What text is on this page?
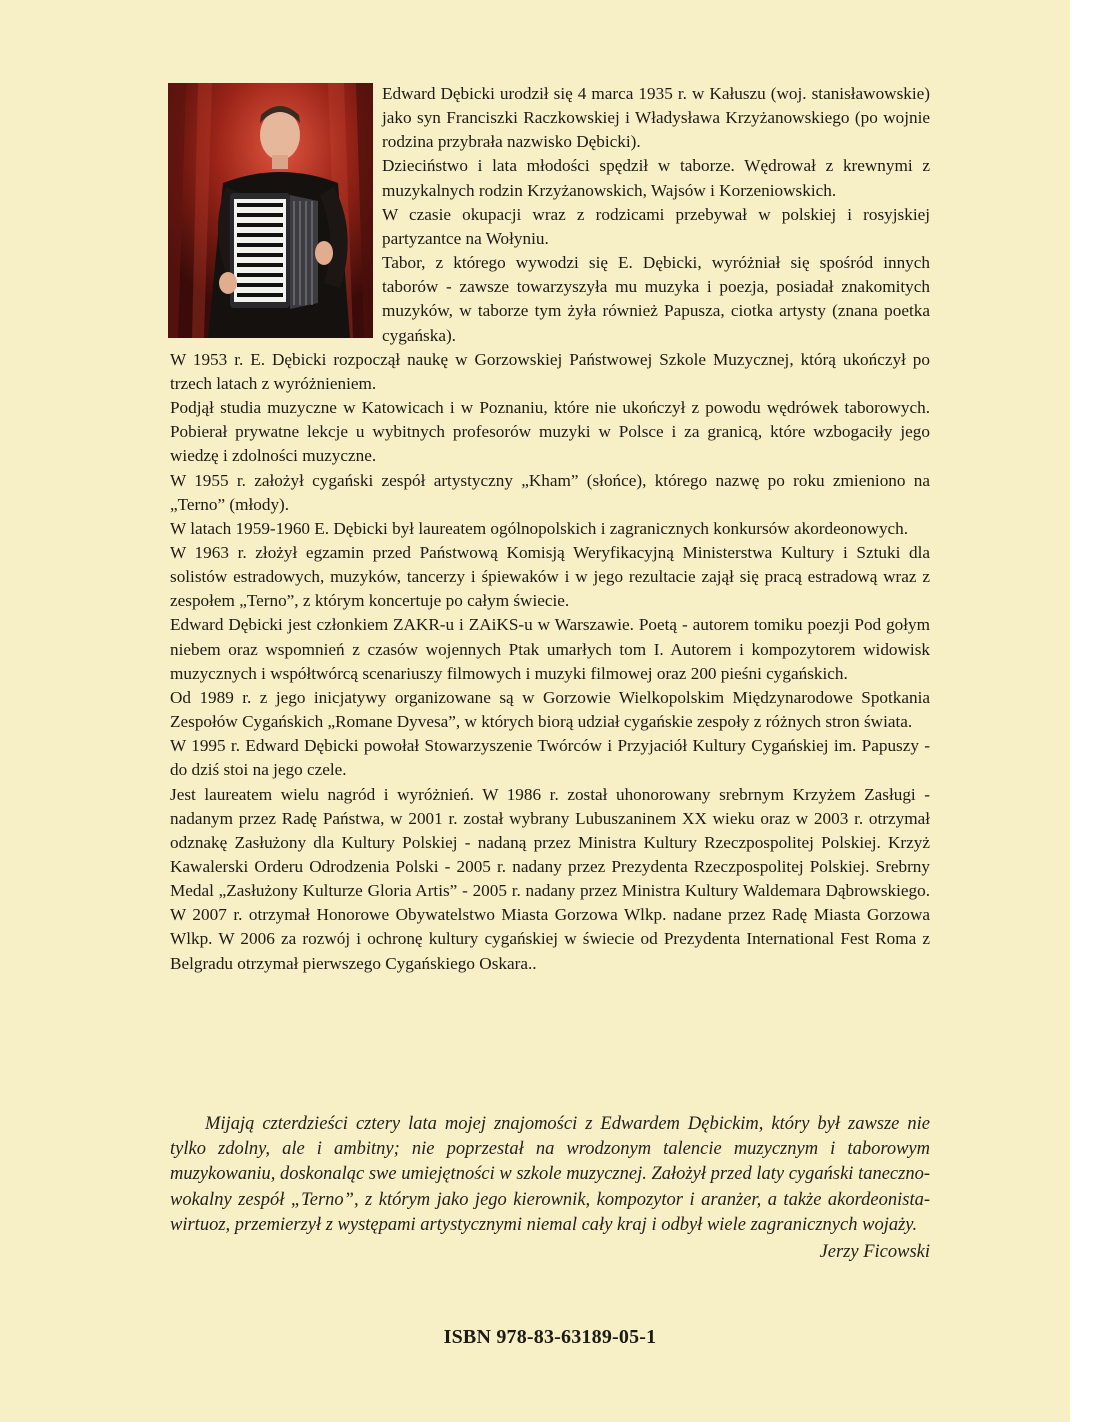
Edward Dębicki urodził się 4 marca 1935 r. w Kałuszu (woj. stanisławowskie) jako syn Franciszki Raczkowskiej i Władysława Krzyżanowskiego (po wojnie rodzina przybrała nazwisko Dębicki).

Dzieciństwo i lata młodości spędził w taborze. Wędrował z krewnymi z muzykalnych rodzin Krzyżanowskich, Wajsów i Korzeniowskich.

W czasie okupacji wraz z rodzicami przebywał w polskiej i rosyjskiej partyzantce na Wołyniu.

Tabor, z którego wywodzi się E. Dębicki, wyróżniał się spośród innych taborów - zawsze towarzyszyła mu muzyka i poezja, posiadał znakomitych muzyków, w taborze tym żyła również Papusza, ciotka artysty (znana poetka cygańska).

W 1953 r. E. Dębicki rozpoczął naukę w Gorzowskiej Państwowej Szkole Muzycznej, którą ukończył po trzech latach z wyróżnieniem.

Podjął studia muzyczne w Katowicach i w Poznaniu, które nie ukończył z powodu wędrówek taborowych. Pobierał prywatne lekcje u wybitnych profesorów muzyki w Polsce i za granicą, które wzbogaciły jego wiedzę i zdolności muzyczne.

W 1955 r. założył cygański zespół artystyczny „Kham” (słońce), którego nazwę po roku zmieniono na „Terno” (młody).

W latach 1959-1960 E. Dębicki był laureatem ogólnopolskich i zagranicznych konkursów akordeonowych.

W 1963 r. złożył egzamin przed Państwową Komisją Weryfikacyjną Ministerstwa Kultury i Sztuki dla solistów estradowych, muzyków, tancerzy i śpiewaków i w jego rezultacie zajął się pracą estradową wraz z zespołem „Terno”, z którym koncertuje po całym świecie.

Edward Dębicki jest członkiem ZAKR-u i ZAiKS-u w Warszawie. Poetą - autorem tomiku poezji Pod gołym niebem oraz wspomnień z czasów wojennych Ptak umarłych tom I. Autorem i kompozytorem widowisk muzycznych i współtwórcą scenariuszy filmowych i muzyki filmowej oraz 200 pieśni cygańskich.

Od 1989 r. z jego inicjatywy organizowane są w Gorzowie Wielkopolskim Międzynarodowe Spotkania Zespołów Cygańskich „Romane Dyvesa”, w których biorą udział cygańskie zespoły z różnych stron świata.

W 1995 r. Edward Dębicki powołał Stowarzyszenie Twórców i Przyjaciół Kultury Cygańskiej im. Papuszy - do dziś stoi na jego czele.

Jest laureatem wielu nagród i wyróżnień. W 1986 r. został uhonorowany srebrnym Krzyżem Zasługi - nadanym przez Radę Państwa, w 2001 r. został wybrany Lubuszaninem XX wieku oraz w 2003 r. otrzymał odznakę Zasłużony dla Kultury Polskiej - nadaną przez Ministra Kultury Rzeczpospolitej Polskiej. Krzyż Kawalerski Orderu Odrodzenia Polski - 2005 r. nadany przez Prezydenta Rzeczpospolitej Polskiej. Srebrny Medal „Zasłużony Kulturze Gloria Artis” - 2005 r. nadany przez Ministra Kultury Waldemara Dąbrowskiego. W 2007 r. otrzymał Honorowe Obywatelstwo Miasta Gorzowa Wlkp. nadane przez Radę Miasta Gorzowa Wlkp. W 2006 za rozwój i ochronę kultury cygańskiej w świecie od Prezydenta International Fest Roma z Belgradu otrzymał pierwszego Cygańskiego Oskara..

Mijają czterdzieści cztery lata mojej znajomości z Edwardem Dębickim, który był zawsze nie tylko zdolny, ale i ambitny; nie poprzestał na wrodzonym talencie muzycznym i taborowym muzykowaniu, doskonaląc swe umiejętności w szkole muzycznej. Założył przed laty cygański taneczno-wokalny zespół „Terno”, z którym jako jego kierownik, kompozytor i aranżer, a także akordeonista-wirtuoz, przemierzył z występami artystycznymi niemal cały kraj i odbył wiele zagranicznych wojaży.

Jerzy Ficowski
ISBN 978-83-63189-05-1
